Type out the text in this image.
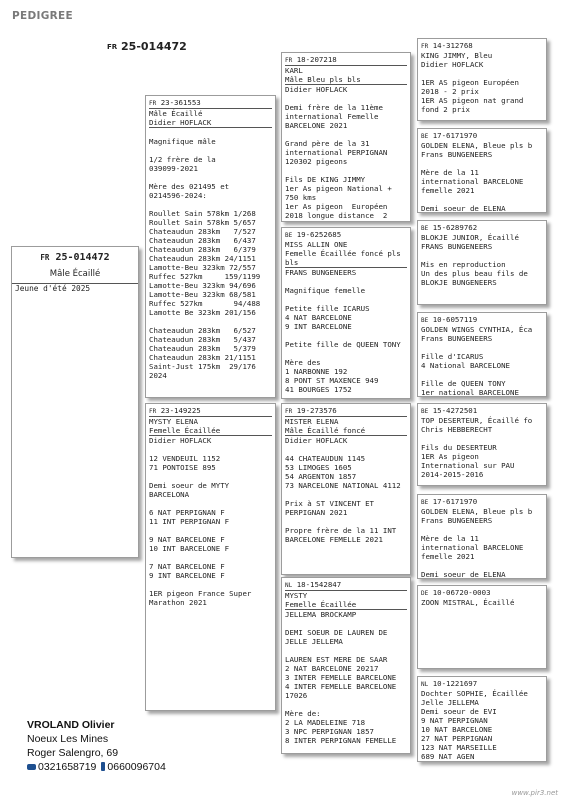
PEDIGREE
FR 25-014472
FR 25-014472
Mâle Écaillé
Jeune d'été 2025
FR 23-361553
Mâle Écaillé
Didier HOFLACK
Magnifique mâle
1/2 frère de la
039099-2021
Mère des 021495 et
0214596-2024:
Roullet Sain 578km 1/268
Roullet Sain 578km 5/657
Chateaudun 283km   7/527
Chateaudun 283km   6/437
Chateaudun 283km   6/379
Chateaudun 283km 24/1151
Lamotte-Beu 323km 72/557
Ruffec 527km     159/1199
Lamotte-Beu 323km 94/696
Lamotte-Beu 323km 68/581
Ruffec 527km       94/488
Lamotte Be 323km 201/156
Chateaudun 283km   6/527
Chateaudun 283km   5/437
Chateaudun 283km   5/379
Chateaudun 283km 21/1151
Saint-Just 175km  29/176
2024
FR 23-149225
MYSTY ELENA
Femelle Écaillée
Didier HOFLACK
12 VENDEUIL 1152
71 PONTOISE 895
Demi soeur de MYTY
BARCELONA
6 NAT PERPIGNAN F
11 INT PERPIGNAN F
9 NAT BARCELONE F
10 INT BARCELONE F
7 NAT BARCELONE F
9 INT BARCELONE F
1ER pigeon France Super
Marathon 2021
FR 18-207218
KARL
Mâle Bleu pls bls
Didier HOFLACK
Demi frère de la 11ème
international Femelle
BARCELONE 2021
Grand père de la 31
international PERPIGNAN
120302 pigeons
Fils DE KING JIMMY
1er As pigeon National +
750 kms
1er As pigeon  Européen
2018 longue distance  2
BE 19-6252685
MISS ALLIN ONE
Femelle Écaillée foncé pls
bls
FRANS BUNGENEERS
Magnifique femelle
Petite fille ICARUS
4 NAT BARCELONE
9 INT BARCELONE
Petite fille de QUEEN TONY
Mère des
1 NARBONNE 192
8 PONT ST MAXENCE 949
41 BOURGES 1752
FR 19-273576
MISTER ELENA
Mâle Écaillé foncé
Didier HOFLACK
44 CHATEAUDUN 1145
53 LIMOGES 1605
54 ARGENTON 1857
73 NARCELONE NATIONAL 4112
Prix à ST VINCENT ET
PERPIGNAN 2021
Propre frère de la 11 INT
BARCELONE FEMELLE 2021
NL 18-1542847
MYSTY
Femelle Écaillée
JELLEMA BROCKAMP
DEMI SOEUR DE LAUREN DE
JELLE JELLEMA
LAUREN EST MERE DE SAAR
2 NAT BARCELONE 20217
3 INTER FEMELLE BARCELONE
4 INTER FEMELLE BARCELONE
17026
Mère de:
2 LA MADELEINE 718
3 NPC PERPIGNAN 1857
8 INTER PERPIGNAN FEMELLE
FR 14-312768
KING JIMMY, Bleu
Didier HOFLACK
1ER AS pigeon Européen
2018 - 2 prix
1ER AS pigeon nat grand
fond 2 prix
BE 17-6171970
GOLDEN ELENA, Bleue pls b
Frans BUNGENEERS
Mère de la 11
international BARCELONE
femelle 2021
Demi soeur de ELENA
BE 15-6289762
BLOKJE JUNIOR, Écaillé
FRANS BUNGENEERS
Mis en reproduction
Un des plus beau fils de
BLOKJE BUNGENEERS
BE 10-6057119
GOLDEN WINGS CYNTHIA, Éca
Frans BUNGENEERS
Fille d'ICARUS
4 National BARCELONE
Fille de QUEEN TONY
1er national BARCELONE
BE 15-4272501
TOP DESERTEUR, Écaillé fo
Chris HEBBERECHT
Fils du DESERTEUR
1ER As pigeon
International sur PAU
2014-2015-2016
BE 17-6171970
GOLDEN ELENA, Bleue pls b
Frans BUNGENEERS
Mère de la 11
international BARCELONE
femelle 2021
Demi soeur de ELENA
DE 10-06720-0003
ZOON MISTRAL, Écaillé
NL 10-1221697
Dochter SOPHIE, Écaillée
Jelle JELLEMA
Demi soeur de EVI
9 NAT PERPIGNAN
10 NAT BARCELONE
27 NAT PERPIGNAN
123 NAT MARSEILLE
689 NAT AGEN
VROLAND Olivier
Noeux Les Mines
Roger Salengro, 69
0321658719 0660096704
www.pir3.net
